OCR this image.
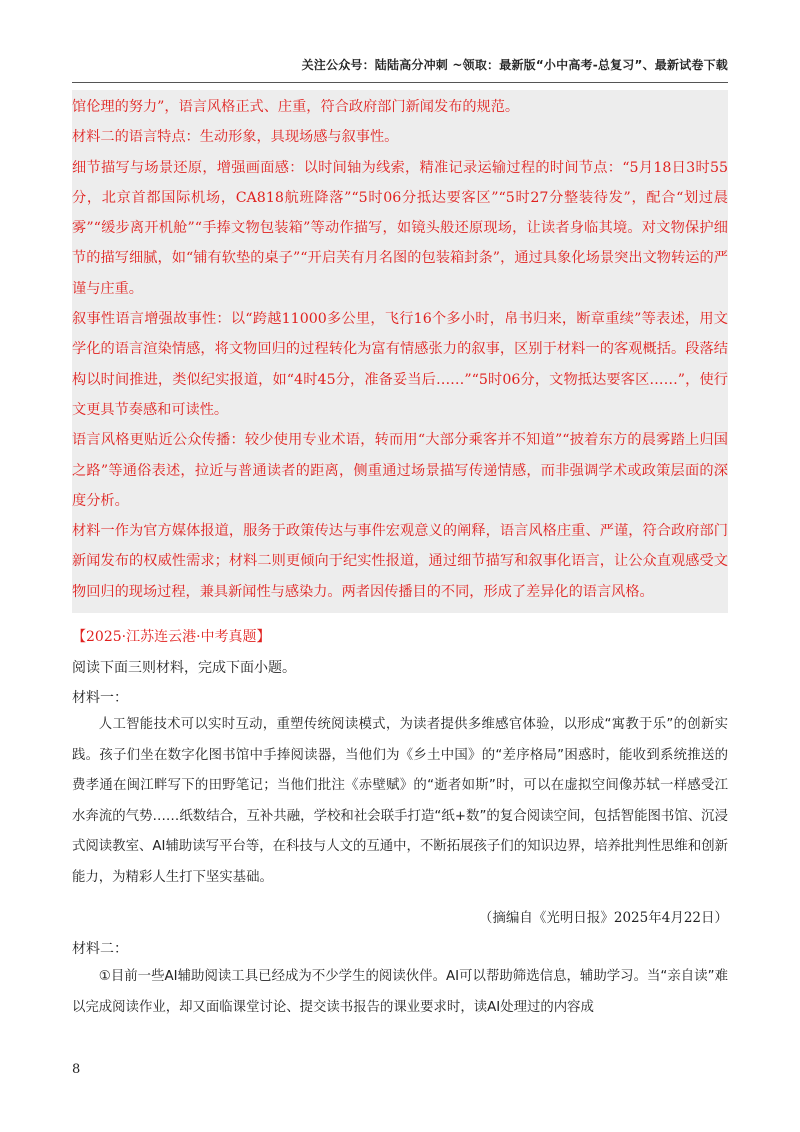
关注公众号：陆陆高分冲刺 ~领取：最新版“小中高考-总复习”、最新试卷下载

馆伦理的努力”，语言风格正式、庄重，符合政府部门新闻发布的规范。

材料二的语言特点：生动形象，具现场感与叙事性。

细节描写与场景还原，增强画面感：以时间轴为线索，精准记录运输过程的时间节点：“5月18日3时55分，北京首都国际机场，CA818航班降落”“5时06分抵达要客区”“5时27分整装待发”，配合“划过晨雾”“缓步离开机舱”“手捧文物包装箱”等动作描写，如镜头般还原现场，让读者身临其境。对文物保护细节的描写细腻，如“铺有软垫的桌子”“开启芙有月名图的包装箱封条”，通过具象化场景突出文物转运的严谨与庄重。

叙事性语言增强故事性：以“跨越11000多公里，飞行16个多小时，帛书归来，断章重续”等表述，用文学化的语言渲染情感，将文物回归的过程转化为富有情感张力的叙事，区别于材料一的客观概括。段落结构以时间推进，类似纪实报道，如“4时45分，准备妥当后……”“5时06分，文物抵达要客区……”，使行文更具节奏感和可读性。

语言风格更贴近公众传播：较少使用专业术语，转而用“大部分乘客并不知道”“披着东方的晨雾踏上归国之路”等通俗表述，拉近与普通读者的距离，侧重通过场景描写传递情感，而非强调学术或政策层面的深度分析。

材料一作为官方媒体报道，服务于政策传达与事件宏观意义的阐释，语言风格庄重、严谨，符合政府部门新闻发布的权威性需求；材料二则更倾向于纪实性报道，通过细节描写和叙事化语言，让公众直观感受文物回归的现场过程，兼具新闻性与感染力。两者因传播目的不同，形成了差异化的语言风格。

【2025·江苏连云港·中考真题】
阅读下面三则材料，完成下面小题。
材料一：

人工智能技术可以实时互动，重塑传统阅读模式，为读者提供多维感官体验，以形成“寓教于乐”的创新实践。孩子们坐在数字化图书馆中手捧阅读器，当他们为《乡土中国》的“差序格局”困惑时，能收到系统推送的费孝通在闽江畔写下的田野笔记；当他们批注《赤壁赋》的“逝者如斯”时，可以在虚拟空间像苏轼一样感受江水奔流的气势……纸数结合，互补共融，学校和社会联手打造“纸+数”的复合阅读空间，包括智能图书馆、沉浸式阅读教室、AI辅助读写平台等，在科技与人文的互通中，不断拓展孩子们的知识边界，培养批判性思维和创新能力，为精彩人生打下坚实基础。

（摘编自《光明日报》2025年4月22日）
材料二：

①目前一些AI辅助阅读工具已经成为不少学生的阅读伙伴。AI可以帮助筛选信息，辅助学习。当“亲自读”难以完成阅读作业，却又面临课堂讨论、提交读书报告的课业要求时，读AI处理过的内容成

8
